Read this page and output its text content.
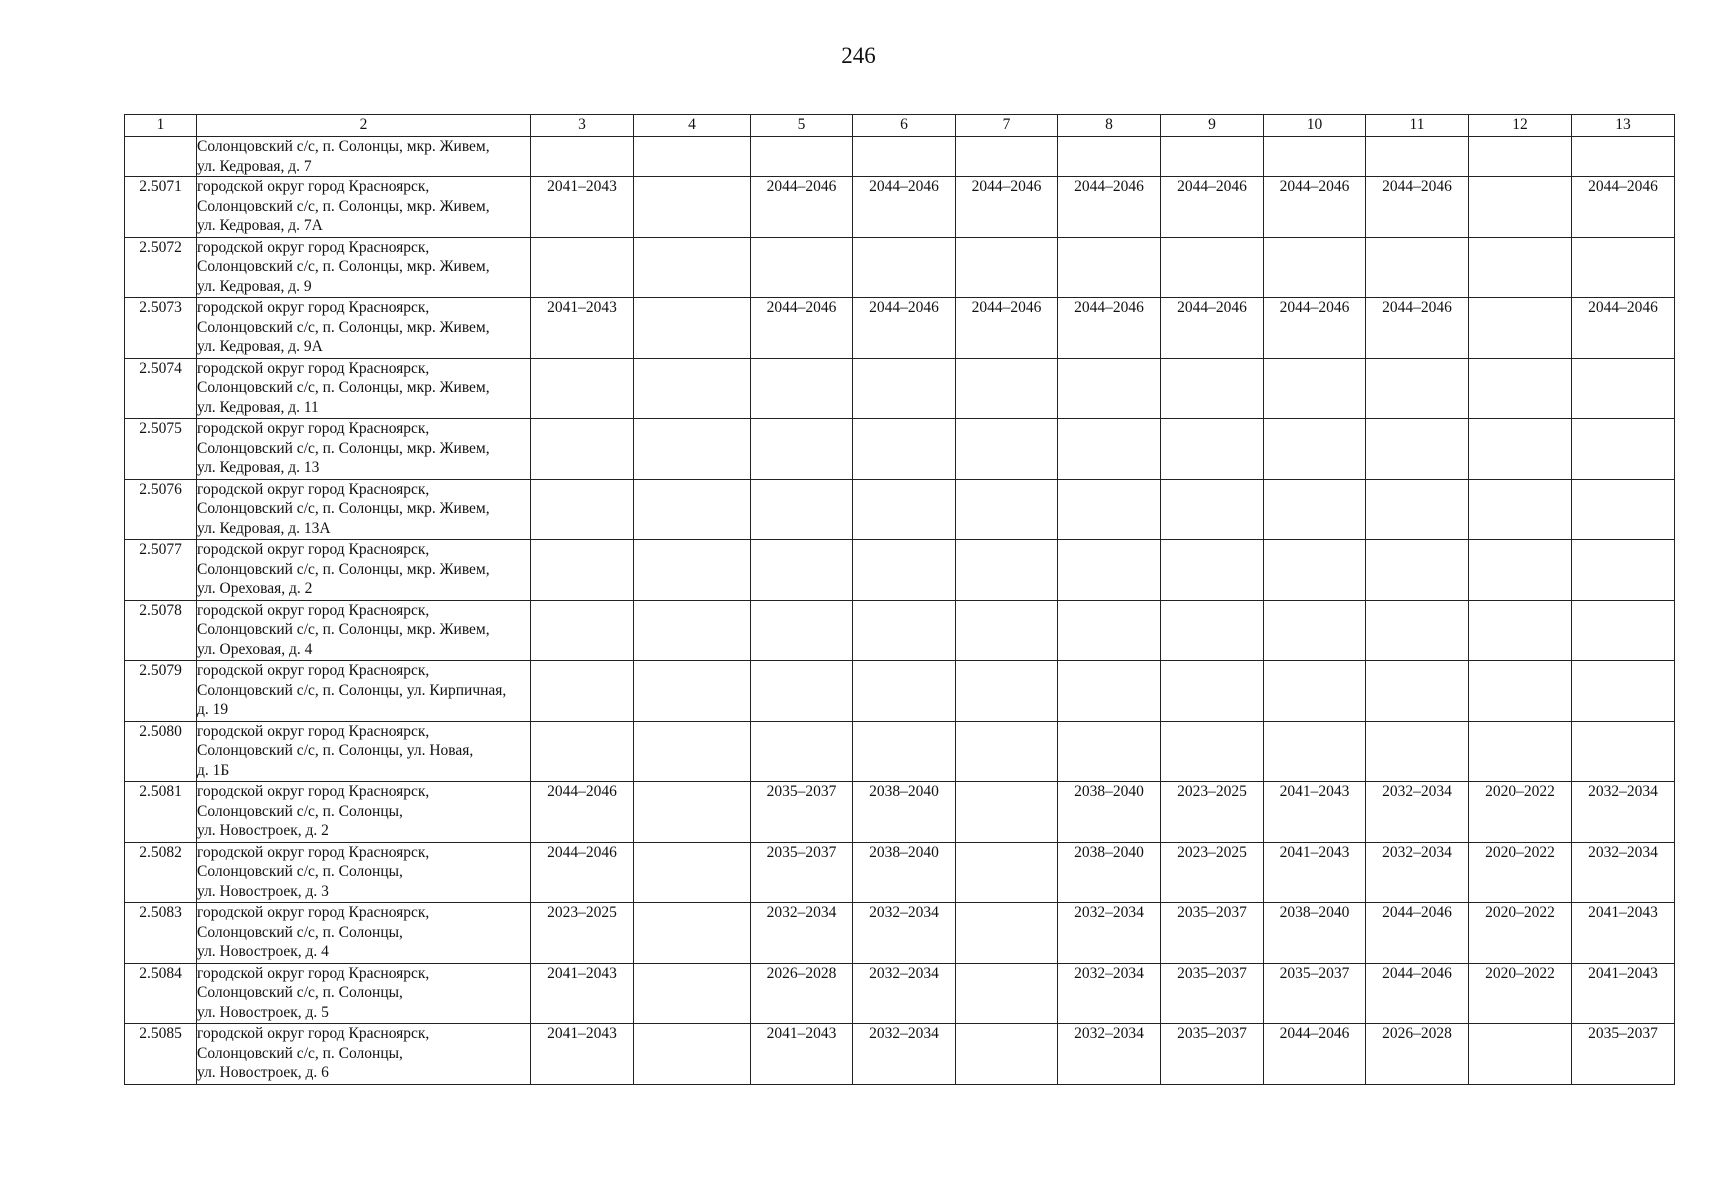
246
1	2	3	4	5	6	7	8	9	10	11	12	13

	Солонцовский с/с, п. Солонцы, мкр. Живем,
ул. Кедровая, д. 7											

2.5071	городской округ город Красноярск,
Солонцовский с/с, п. Солонцы, мкр. Живем,
ул. Кедровая, д. 7А	2041–2043		2044–2046	2044–2046	2044–2046	2044–2046	2044–2046	2044–2046	2044–2046		2044–2046
2.5072	городской округ город Красноярск,
Солонцовский с/с, п. Солонцы, мкр. Живем,
ул. Кедровая, д. 9											

2.5073	городской округ город Красноярск,
Солонцовский с/с, п. Солонцы, мкр. Живем,
ул. Кедровая, д. 9А	2041–2043		2044–2046	2044–2046	2044–2046	2044–2046	2044–2046	2044–2046	2044–2046		2044–2046
2.5074	городской округ город Красноярск,
Солонцовский с/с, п. Солонцы, мкр. Живем,
ул. Кедровая, д. 11											

2.5075	городской округ город Красноярск,
Солонцовский с/с, п. Солонцы, мкр. Живем,
ул. Кедровая, д. 13											

2.5076	городской округ город Красноярск,
Солонцовский с/с, п. Солонцы, мкр. Живем,
ул. Кедровая, д. 13А											

2.5077	городской округ город Красноярск,
Солонцовский с/с, п. Солонцы, мкр. Живем,
ул. Ореховая, д. 2											

2.5078	городской округ город Красноярск,
Солонцовский с/с, п. Солонцы, мкр. Живем,
ул. Ореховая, д. 4											

2.5079	городской округ город Красноярск,
Солонцовский с/с, п. Солонцы, ул. Кирпичная,
д. 19											

2.5080	городской округ город Красноярск,
Солонцовский с/с, п. Солонцы, ул. Новая,
д. 1Б											

2.5081	городской округ город Красноярск,
Солонцовский с/с, п. Солонцы,
ул. Новостроек, д. 2	2044–2046		2035–2037	2038–2040		2038–2040	2023–2025	2041–2043	2032–2034	2020–2022	2032–2034
2.5082	городской округ город Красноярск,
Солонцовский с/с, п. Солонцы,
ул. Новостроек, д. 3	2044–2046		2035–2037	2038–2040		2038–2040	2023–2025	2041–2043	2032–2034	2020–2022	2032–2034
2.5083	городской округ город Красноярск,
Солонцовский с/с, п. Солонцы,
ул. Новостроек, д. 4	2023–2025		2032–2034	2032–2034		2032–2034	2035–2037	2038–2040	2044–2046	2020–2022	2041–2043
2.5084	городской округ город Красноярск,
Солонцовский с/с, п. Солонцы,
ул. Новостроек, д. 5	2041–2043		2026–2028	2032–2034		2032–2034	2035–2037	2035–2037	2044–2046	2020–2022	2041–2043
2.5085	городской округ город Красноярск,
Солонцовский с/с, п. Солонцы,
ул. Новостроек, д. 6	2041–2043		2041–2043	2032–2034		2032–2034	2035–2037	2044–2046	2026–2028		2035–2037
